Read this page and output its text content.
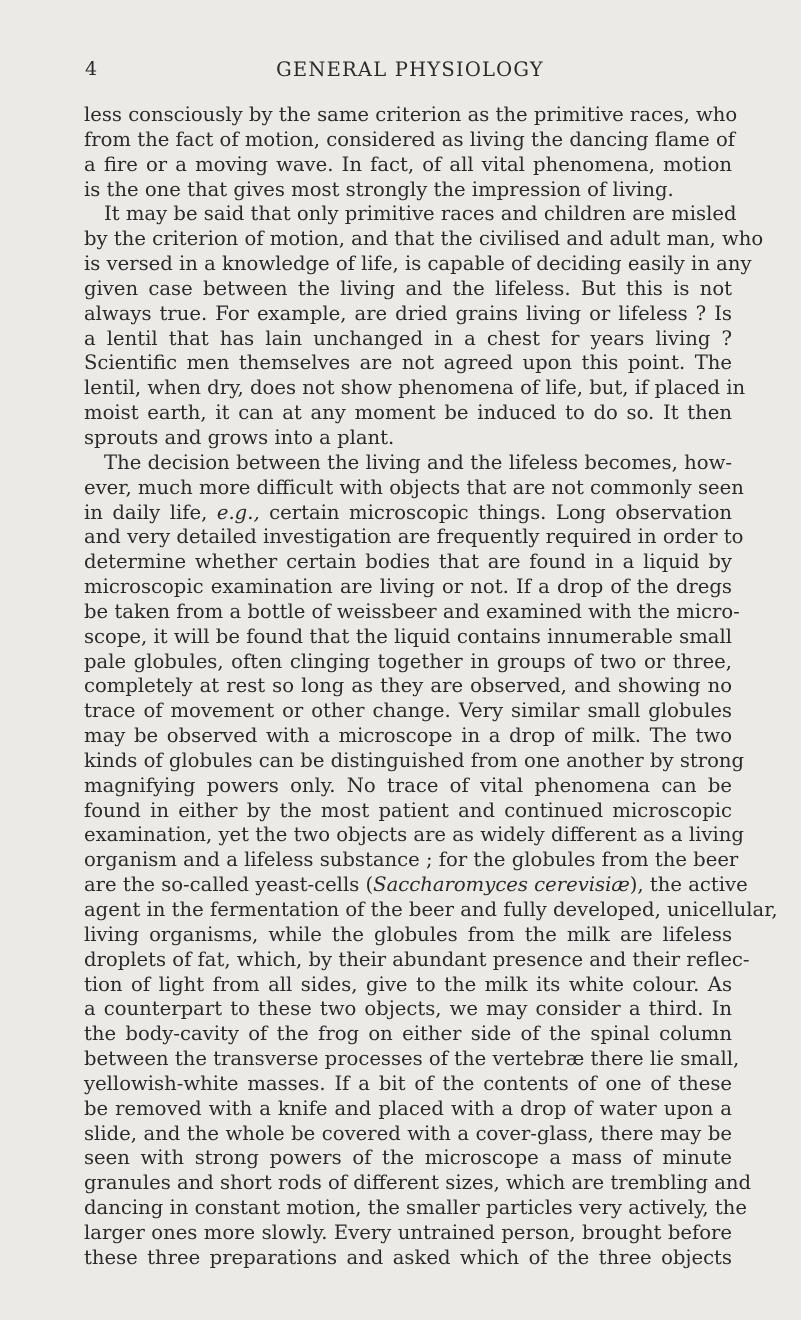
4	GENERAL PHYSIOLOGY
less consciously by the same criterion as the primitive races, who
from the fact of motion, considered as living the dancing flame of
a fire or a moving wave. In fact, of all vital phenomena, motion
is the one that gives most strongly the impression of living.
It may be said that only primitive races and children are misled
by the criterion of motion, and that the civilised and adult man, who
is versed in a knowledge of life, is capable of deciding easily in any
given case between the living and the lifeless. But this is not
always true. For example, are dried grains living or lifeless ? Is
a lentil that has lain unchanged in a chest for years living ?
Scientific men themselves are not agreed upon this point. The
lentil, when dry, does not show phenomena of life, but, if placed in
moist earth, it can at any moment be induced to do so. It then
sprouts and grows into a plant.
The decision between the living and the lifeless becomes, how-
ever, much more difficult with objects that are not commonly seen
in daily life, e.g., certain microscopic things. Long observation
and very detailed investigation are frequently required in order to
determine whether certain bodies that are found in a liquid by
microscopic examination are living or not. If a drop of the dregs
be taken from a bottle of weissbeer and examined with the micro-
scope, it will be found that the liquid contains innumerable small
pale globules, often clinging together in groups of two or three,
completely at rest so long as they are observed, and showing no
trace of movement or other change. Very similar small globules
may be observed with a microscope in a drop of milk. The two
kinds of globules can be distinguished from one another by strong
magnifying powers only. No trace of vital phenomena can be
found in either by the most patient and continued microscopic
examination, yet the two objects are as widely different as a living
organism and a lifeless substance ; for the globules from the beer
are the so-called yeast-cells (Saccharomyces cerevisiæ), the active
agent in the fermentation of the beer and fully developed, unicellular,
living organisms, while the globules from the milk are lifeless
droplets of fat, which, by their abundant presence and their reflec-
tion of light from all sides, give to the milk its white colour. As
a counterpart to these two objects, we may consider a third. In
the body-cavity of the frog on either side of the spinal column
between the transverse processes of the vertebræ there lie small,
yellowish-white masses. If a bit of the contents of one of these
be removed with a knife and placed with a drop of water upon a
slide, and the whole be covered with a cover-glass, there may be
seen with strong powers of the microscope a mass of minute
granules and short rods of different sizes, which are trembling and
dancing in constant motion, the smaller particles very actively, the
larger ones more slowly. Every untrained person, brought before
these three preparations and asked which of the three objects
